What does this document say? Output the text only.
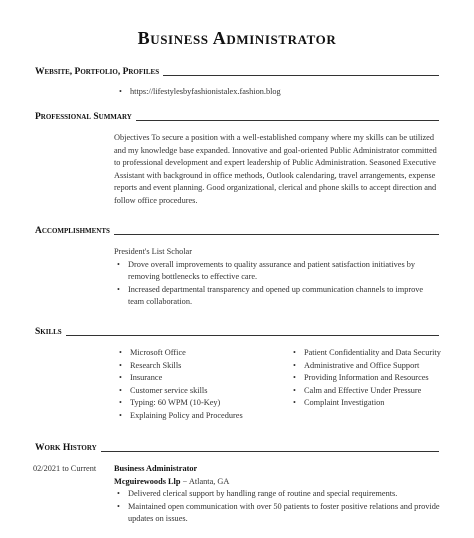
Business Administrator
Website, Portfolio, Profiles
• https://lifestylesbyfashionistalex.fashion.blog
Professional Summary
Objectives To secure a position with a well-established company where my skills can be utilized and my knowledge base expanded. Innovative and goal-oriented Public Administrator committed to professional development and expert leadership of Public Administration. Seasoned Executive Assistant with background in office methods, Outlook calendaring, travel arrangements, expense reports and event planning. Good organizational, clerical and phone skills to accept direction and follow office procedures.
Accomplishments
President's List Scholar
• Drove overall improvements to quality assurance and patient satisfaction initiatives by removing bottlenecks to effective care.
• Increased departmental transparency and opened up communication channels to improve team collaboration.
Skills
• Microsoft Office
• Research Skills
• Insurance
• Customer service skills
• Typing: 60 WPM (10-Key)
• Explaining Policy and Procedures
• Patient Confidentiality and Data Security
• Administrative and Office Support
• Providing Information and Resources
• Calm and Effective Under Pressure
• Complaint Investigation
Work History
02/2021 to Current	Business Administrator
Mcguirewoods Llp − Atlanta, GA
• Delivered clerical support by handling range of routine and special requirements.
• Maintained open communication with over 50 patients to foster positive relations and provide updates on issues.
